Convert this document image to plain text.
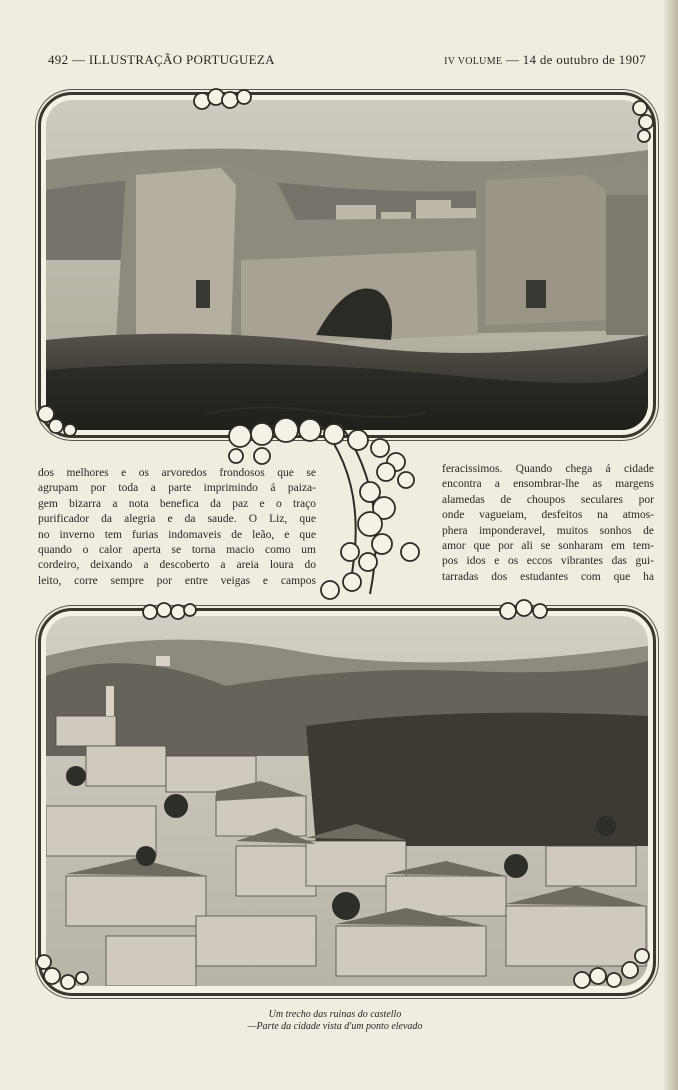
492 — ILLUSTRAÇÃO PORTUGUEZA	IV VOLUME — 14 de outubro de 1907

dos melhores e os arvoredos frondosos que se
agrupam por toda a parte imprimindo á paiza-
gem bizarra a nota benefica da paz e o traço
purificador da alegria e da saude. O Liz, que
no inverno tem furias indomaveis de leão, e que
quando o calor aperta se torna macio como um
cordeiro, deixando a descoberto a areia loura do
leito, corre sempre por entre veigas e campos

feracissimos. Quando chega á cidade
encontra a ensombrar-lhe as margens
alamedas de choupos seculares por
onde vagueiam, desfeitos na atmos-
phera imponderavel, muitos sonhos de
amor que por ali se sonharam em tem-
pos idos e os eccos vibrantes das gui-
tarradas dos estudantes com que ha

Um trecho das ruinas do castello
—Parte da cidade vista d'um ponto elevado
